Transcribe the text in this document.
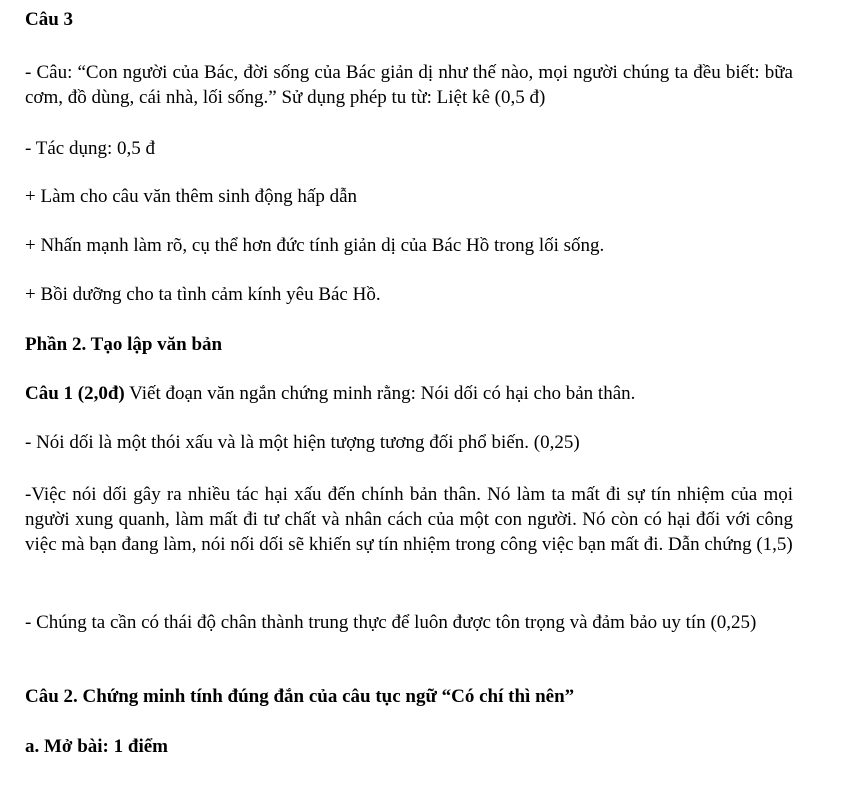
Câu 3

- Câu: “Con người của Bác, đời sống của Bác giản dị như thế nào, mọi người chúng ta đều biết: bữa cơm, đồ dùng, cái nhà, lối sống.” Sử dụng phép tu từ: Liệt kê (0,5 đ)

- Tác dụng: 0,5 đ

+ Làm cho câu văn thêm sinh động hấp dẫn

+ Nhấn mạnh làm rõ, cụ thể hơn đức tính giản dị của Bác Hồ trong lối sống.

+ Bồi dưỡng cho ta tình cảm kính yêu Bác Hồ.

Phần 2. Tạo lập văn bản

Câu 1 (2,0đ) Viết đoạn văn ngắn chứng minh rằng: Nói dối có hại cho bản thân.

- Nói dối là một thói xấu và là một hiện tượng tương đối phổ biến. (0,25)

-Việc nói dối gây ra nhiều tác hại xấu đến chính bản thân. Nó làm ta mất đi sự tín nhiệm của mọi người xung quanh, làm mất đi tư chất và nhân cách của một con người. Nó còn có hại đối với công việc mà bạn đang làm, nói nối dối sẽ khiến sự tín nhiệm trong công việc bạn mất đi. Dẫn chứng (1,5)

- Chúng ta cần có thái độ chân thành trung thực để luôn được tôn trọng và đảm bảo uy tín (0,25)

Câu 2. Chứng minh tính đúng đắn của câu tục ngữ “Có chí thì nên”

a. Mở bài: 1 điểm
